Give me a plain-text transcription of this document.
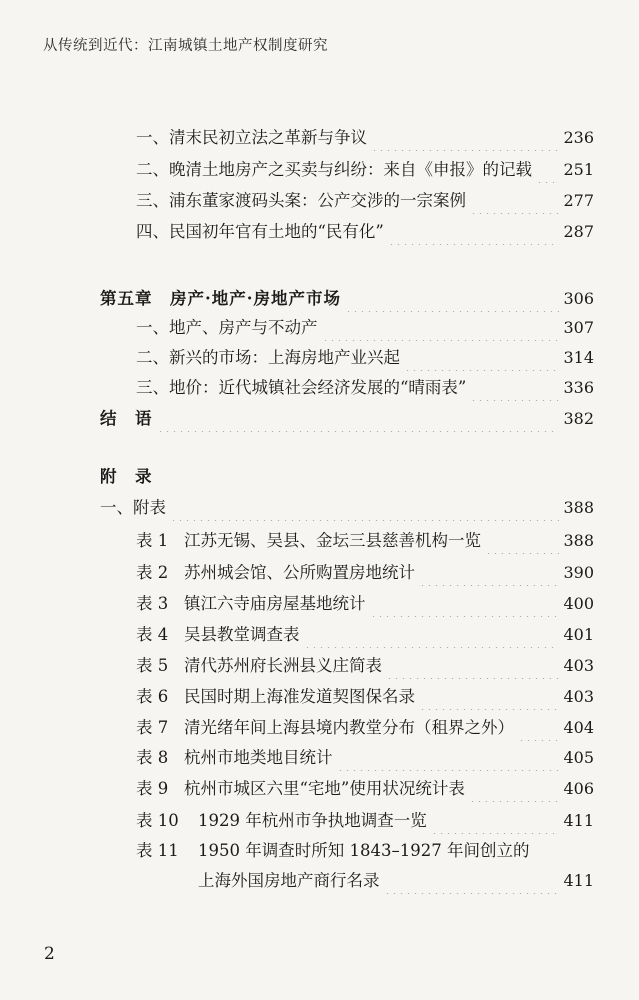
从传统到近代：江南城镇土地产权制度研究
一、清末民初立法之革新与争议	236
二、晚清土地房产之买卖与纠纷：来自《申报》的记载 251
三、浦东董家渡码头案：公产交涉的一宗案例	277
四、民国初年官有土地的“民有化”	287
第五章　房产·地产·房地产市场	306
一、地产、房产与不动产	307
二、新兴的市场：上海房地产业兴起	314
三、地价：近代城镇社会经济发展的“晴雨表”	336
结　语	382
附　录
一、附表	388
表 1 江苏无锡、吴县、金坛三县慈善机构一览	388
表 2 苏州城会馆、公所购置房地统计	390
表 3 镇江六寺庙房屋基地统计	400
表 4 吴县教堂调查表	401
表 5 清代苏州府长洲县义庄简表	403
表 6 民国时期上海准发道契图保名录	403
表 7 清光绪年间上海县境内教堂分布（租界之外）	404
表 8 杭州市地类地目统计	405
表 9 杭州市城区六里“宅地”使用状况统计表	406
表 10	1929 年杭州市争执地调查一览	411
表 11	1950 年调查时所知 1843–1927 年间创立的
上海外国房地产商行名录	411
2
